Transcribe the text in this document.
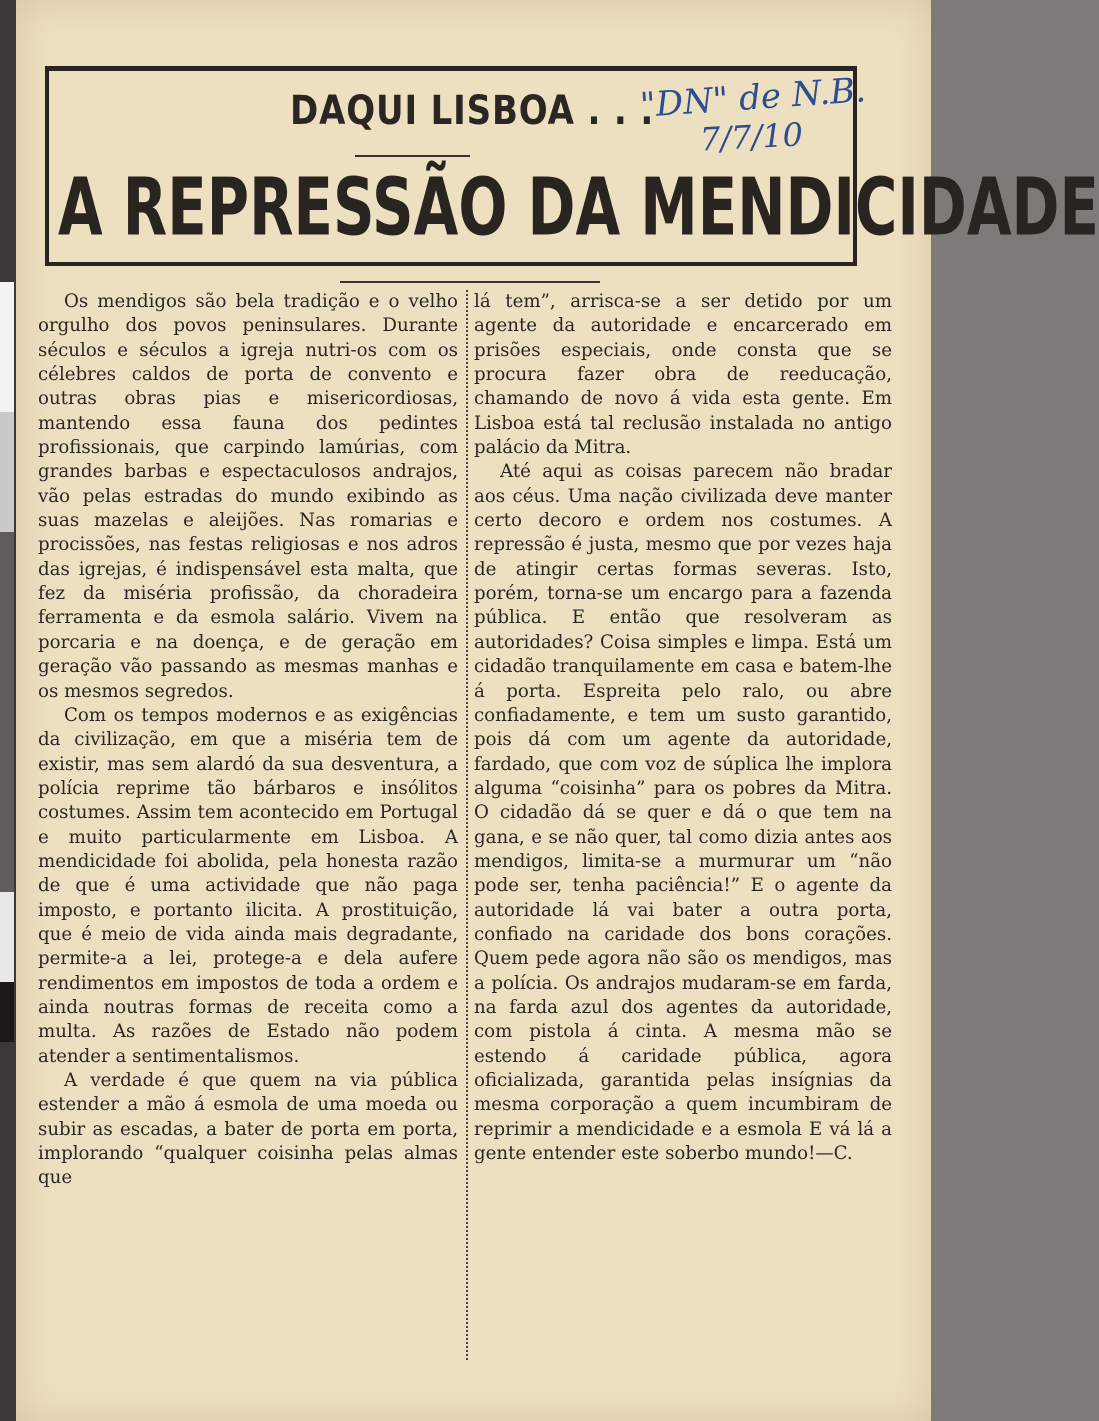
DAQUI LISBOA . . .
"DN" de N.B.
7/7/10
A REPRESSÃO DA MENDICIDADE

Os mendigos são bela tradição e o velho orgulho dos povos peninsulares. Durante séculos e séculos a igreja nutri-os com os célebres caldos de porta de convento e outras obras pias e misericordiosas, mantendo essa fauna dos pedintes profissionais, que carpindo lamúrias, com grandes barbas e espectaculosos andrajos, vão pelas estradas do mundo exibindo as suas mazelas e aleijões. Nas romarias e procissões, nas festas religiosas e nos adros das igrejas, é indispensável esta malta, que fez da miséria profissão, da choradeira ferramenta e da esmola salário. Vivem na porcaria e na doença, e de geração em geração vão passando as mesmas manhas e os mesmos segredos.

Com os tempos modernos e as exigências da civilização, em que a miséria tem de existir, mas sem alardó da sua desventura, a polícia reprime tão bárbaros e insólitos costumes. Assim tem acontecido em Portugal e muito particularmente em Lisboa. A mendicidade foi abolida, pela honesta razão de que é uma actividade que não paga imposto, e portanto ilicita. A prostituição, que é meio de vida ainda mais degradante, permite-a a lei, protege-a e dela aufere rendimentos em impostos de toda a ordem e ainda noutras formas de receita como a multa. As razões de Estado não podem atender a sentimentalismos.

A verdade é que quem na via pública estender a mão á esmola de uma moeda ou subir as escadas, a bater de porta em porta, implorando “qualquer coisinha pelas almas que

lá tem”, arrisca-se a ser detido por um agente da autoridade e encarcerado em prisões especiais, onde consta que se procura fazer obra de reeducação, chamando de novo á vida esta gente. Em Lisboa está tal reclusão instalada no antigo palácio da Mitra.

Até aqui as coisas parecem não bradar aos céus. Uma nação civilizada deve manter certo decoro e ordem nos costumes. A repressão é justa, mesmo que por vezes haja de atingir certas formas severas. Isto, porém, torna-se um encargo para a fazenda pública. E então que resolveram as autoridades? Coisa simples e limpa. Está um cidadão tranquilamente em casa e batem-lhe á porta. Espreita pelo ralo, ou abre confiadamente, e tem um susto garantido, pois dá com um agente da autoridade, fardado, que com voz de súplica lhe implora alguma “coisinha” para os pobres da Mitra. O cidadão dá se quer e dá o que tem na gana, e se não quer, tal como dizia antes aos mendigos, limita-se a murmurar um “não pode ser, tenha paciência!” E o agente da autoridade lá vai bater a outra porta, confiado na caridade dos bons corações. Quem pede agora não são os mendigos, mas a polícia. Os andrajos mudaram-se em farda, na farda azul dos agentes da autoridade, com pistola á cinta. A mesma mão se estendo á caridade pública, agora oficializada, garantida pelas insígnias da mesma corporação a quem incumbiram de reprimir a mendicidade e a esmola E vá lá a gente entender este soberbo mundo!—C.
